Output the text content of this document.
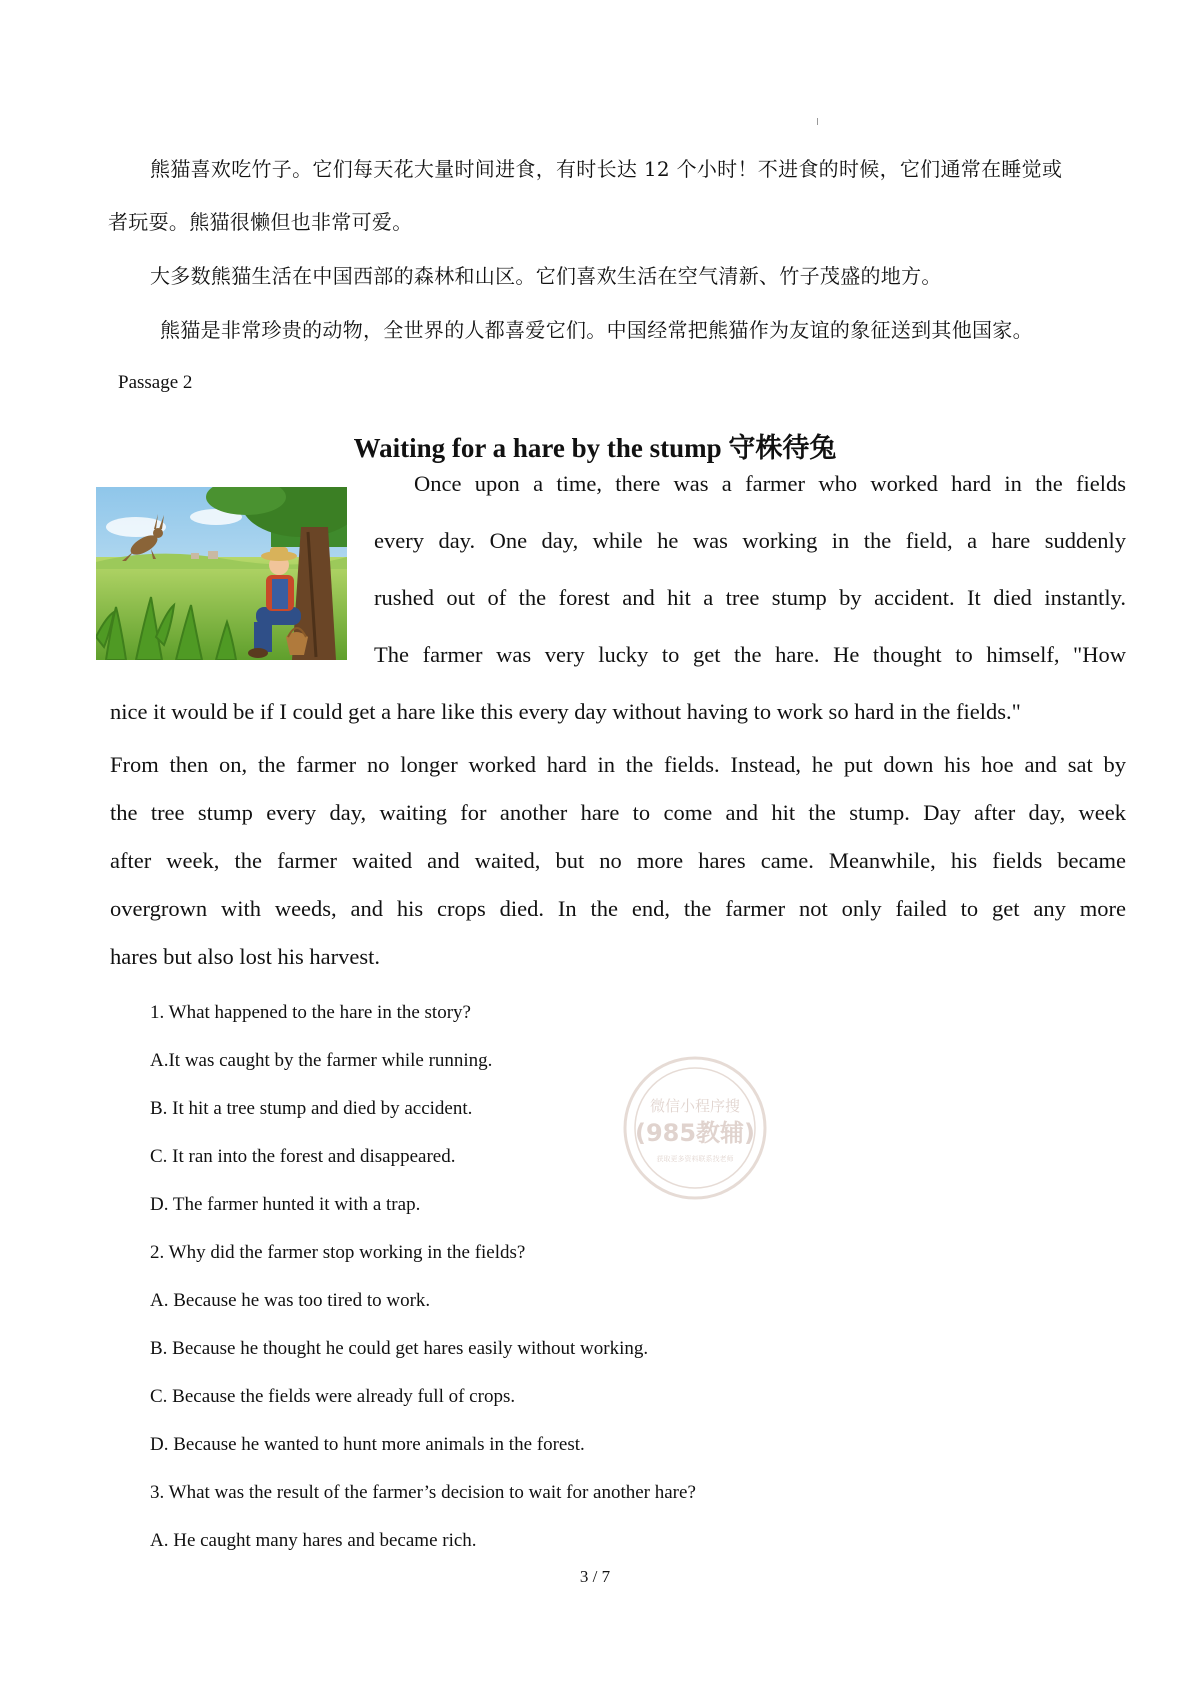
熊猫喜欢吃竹子。它们每天花大量时间进食，有时长达 12 个小时！不进食的时候，它们通常在睡觉或
者玩耍。熊猫很懒但也非常可爱。
大多数熊猫生活在中国西部的森林和山区。它们喜欢生活在空气清新、竹子茂盛的地方。
熊猫是非常珍贵的动物，全世界的人都喜爱它们。中国经常把熊猫作为友谊的象征送到其他国家。
Passage 2
Waiting for a hare by the stump 守株待兔
Once upon a time, there was a farmer who worked hard in the fields
every day. One day, while he was working in the field, a hare suddenly
rushed out of the forest and hit a tree stump by accident. It died instantly.
The farmer was very lucky to get the hare. He thought to himself, "How
nice it would be if I could get a hare like this every day without having to work so hard in the fields."
From then on, the farmer no longer worked hard in the fields. Instead, he put down his hoe and sat by
the tree stump every day, waiting for another hare to come and hit the stump. Day after day, week
after week, the farmer waited and waited, but no more hares came. Meanwhile, his fields became
overgrown with weeds, and his crops died. In the end, the farmer not only failed to get any more
hares but also lost his harvest.
1. What happened to the hare in the story?
A.It was caught by the farmer while running.
B. It hit a tree stump and died by accident.
C. It ran into the forest and disappeared.
D. The farmer hunted it with a trap.
2. Why did the farmer stop working in the fields?
A. Because he was too tired to work.
B. Because he thought he could get hares easily without working.
C. Because the fields were already full of crops.
D. Because he wanted to hunt more animals in the forest.
3. What was the result of the farmer’s decision to wait for another hare?
A. He caught many hares and became rich.
微信小程序搜
(985教辅)
获取更多资料联系找老师
3 / 7
